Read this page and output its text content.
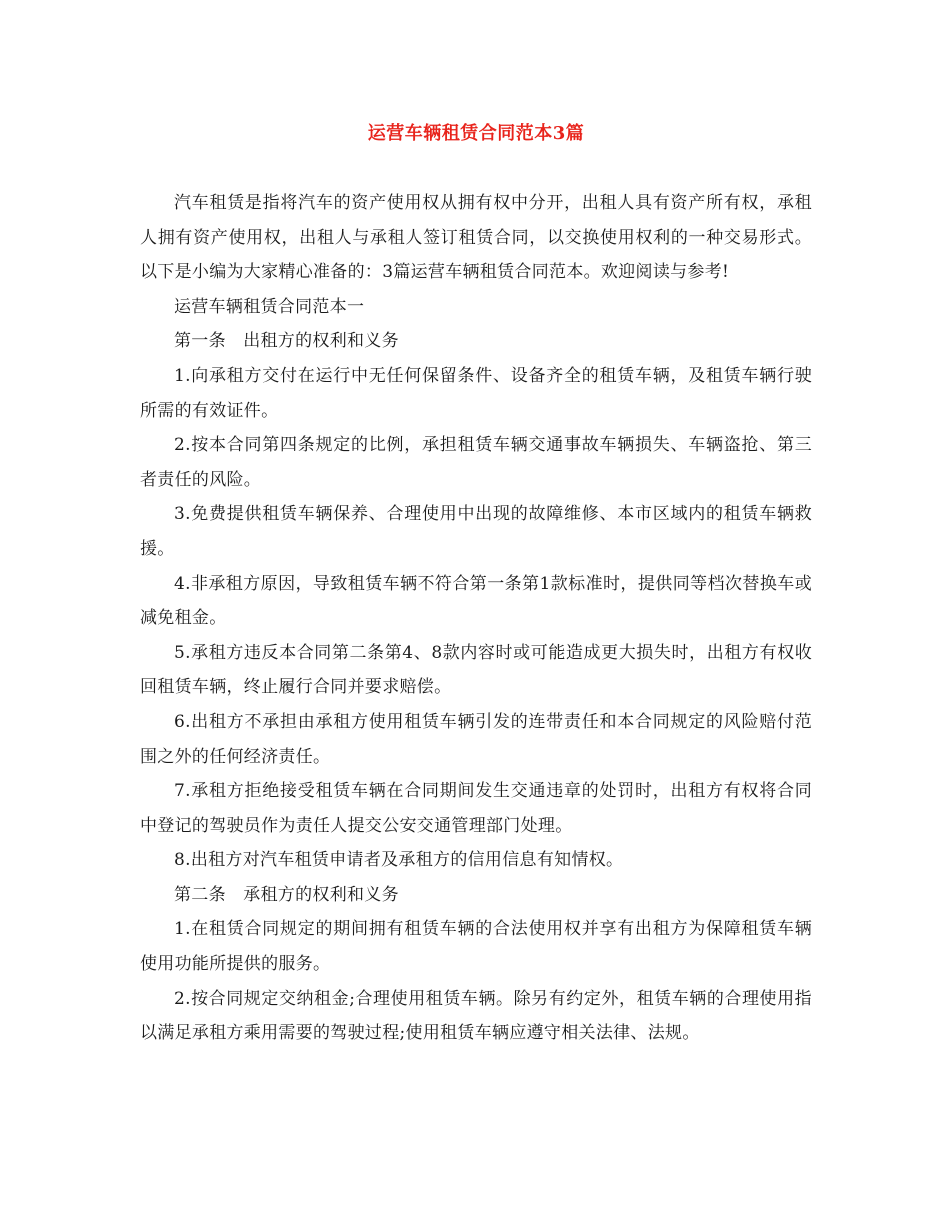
运营车辆租赁合同范本3篇

汽车租赁是指将汽车的资产使用权从拥有权中分开，出租人具有资产所有权，承租人拥有资产使用权，出租人与承租人签订租赁合同，以交换使用权利的一种交易形式。以下是小编为大家精心准备的：3篇运营车辆租赁合同范本。欢迎阅读与参考!

运营车辆租赁合同范本一

第一条　出租方的权利和义务

1.向承租方交付在运行中无任何保留条件、设备齐全的租赁车辆，及租赁车辆行驶所需的有效证件。

2.按本合同第四条规定的比例，承担租赁车辆交通事故车辆损失、车辆盗抢、第三者责任的风险。

3.免费提供租赁车辆保养、合理使用中出现的故障维修、本市区域内的租赁车辆救援。

4.非承租方原因，导致租赁车辆不符合第一条第1款标准时，提供同等档次替换车或减免租金。

5.承租方违反本合同第二条第4、8款内容时或可能造成更大损失时，出租方有权收回租赁车辆，终止履行合同并要求赔偿。

6.出租方不承担由承租方使用租赁车辆引发的连带责任和本合同规定的风险赔付范围之外的任何经济责任。

7.承租方拒绝接受租赁车辆在合同期间发生交通违章的处罚时，出租方有权将合同中登记的驾驶员作为责任人提交公安交通管理部门处理。

8.出租方对汽车租赁申请者及承租方的信用信息有知情权。

第二条　承租方的权利和义务

1.在租赁合同规定的期间拥有租赁车辆的合法使用权并享有出租方为保障租赁车辆使用功能所提供的服务。

2.按合同规定交纳租金;合理使用租赁车辆。除另有约定外，租赁车辆的合理使用指以满足承租方乘用需要的驾驶过程;使用租赁车辆应遵守相关法律、法规。
